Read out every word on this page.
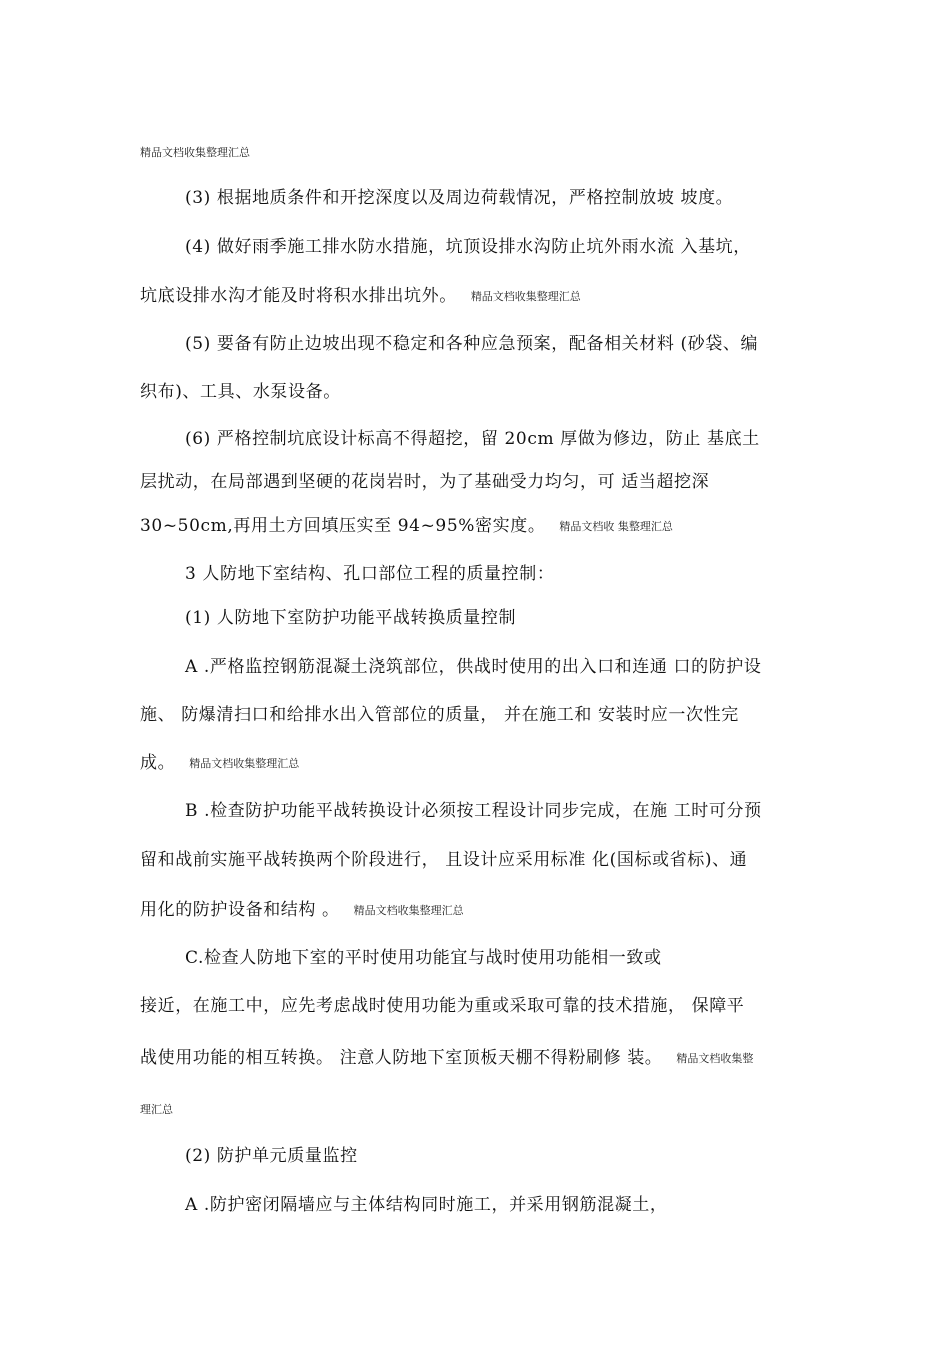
精品文档收集整理汇总
(3) 根据地质条件和开挖深度以及周边荷载情况，严格控制放坡 坡度。
(4) 做好雨季施工排水防水措施，坑顶设排水沟防止坑外雨水流 入基坑，
坑底设排水沟才能及时将积水排出坑外。 精品文档收集整理汇总
(5) 要备有防止边坡出现不稳定和各种应急预案，配备相关材料 (砂袋、编
织布)、工具、水泵设备。
(6) 严格控制坑底设计标高不得超挖，留 20cm 厚做为修边，防止 基底土
层扰动，在局部遇到坚硬的花岗岩时，为了基础受力均匀，可 适当超挖深
30~50cm,再用土方回填压实至 94~95%密实度。 精品文档收 集整理汇总
3 人防地下室结构、孔口部位工程的质量控制：
(1) 人防地下室防护功能平战转换质量控制
A .严格监控钢筋混凝土浇筑部位，供战时使用的出入口和连通 口的防护设
施、 防爆清扫口和给排水出入管部位的质量， 并在施工和 安装时应一次性完
成。 精品文档收集整理汇总
B .检查防护功能平战转换设计必须按工程设计同步完成，在施 工时可分预
留和战前实施平战转换两个阶段进行， 且设计应采用标准 化(国标或省标)、通
用化的防护设备和结构 。 精品文档收集整理汇总
C.检查人防地下室的平时使用功能宜与战时使用功能相一致或
接近，在施工中，应先考虑战时使用功能为重或采取可靠的技术措施， 保障平
战使用功能的相互转换。 注意人防地下室顶板天棚不得粉刷修 装。 精品文档收集整
理汇总
(2) 防护单元质量监控
A .防护密闭隔墙应与主体结构同时施工，并采用钢筋混凝土，
